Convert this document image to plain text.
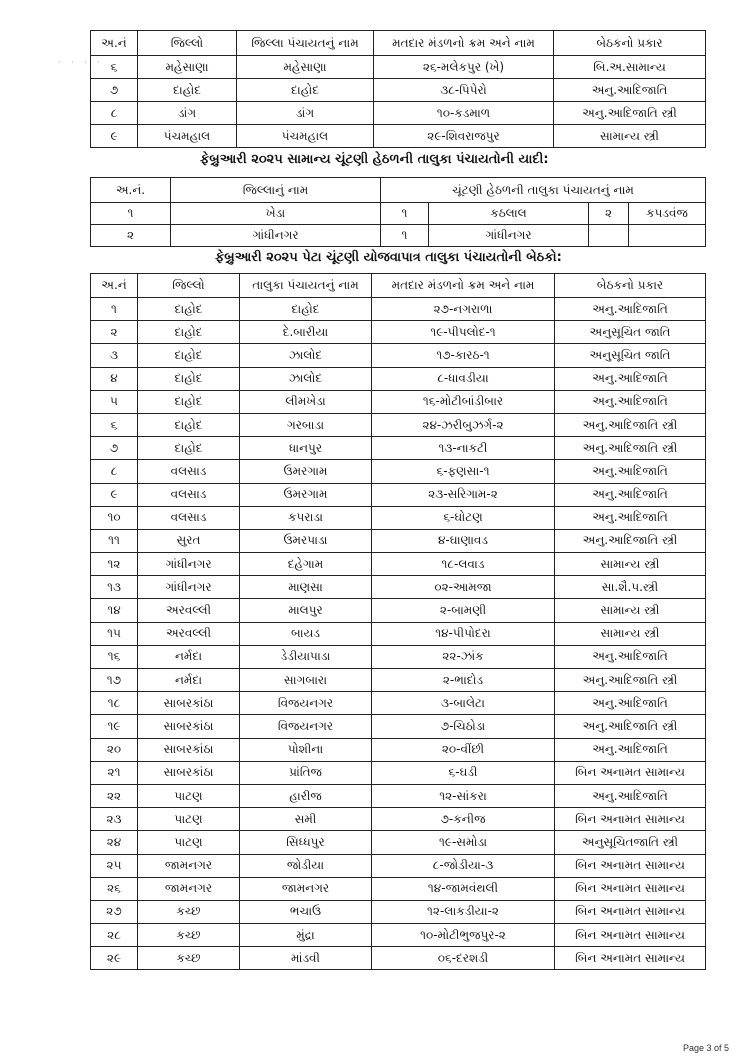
· · · ·
અ.નં	જિલ્લો	જિલ્લા પંચાયતનું નામ	મતદાર મંડળનો ક્રમ અને નામ	બેઠકનો પ્રકાર
૬	મહેસાણા	મહેસાણા	૨૬-મલેકપુર (ખે)	બિ.અ.સામાન્ય
૭	દાહોદ	દાહોદ	૩૮-પિપેરો	અનુ.આદિજાતિ
૮	ડાંગ	ડાંગ	૧૦-કડમાળ	અનુ.આદિજાતિ સ્ત્રી
૯	પંચમહાલ	પંચમહાલ	૨૯-શિવરાજપુર	સામાન્ય સ્ત્રી
ફેબ્રુઆરી ૨૦૨૫ સામાન્ય ચૂંટણી હેઠળની તાલુકા પંચાયતોની યાદી:
અ.નં.	જિલ્લાનું નામ	ચૂંટણી હેઠળની તાલુકા પંચાયતનું નામ			
૧	ખેડા	૧	કઠલાલ	૨	કપડવંજ
૨	ગાંધીનગર	૧	ગાંધીનગર		
ફેબ્રુઆરી ૨૦૨૫ પેટા ચૂંટણી યોજવાપાત્ર તાલુકા પંચાયતોની બેઠકો:
અ.નં	જિલ્લો	તાલુકા પંચાયતનું નામ	મતદાર મંડળનો ક્રમ અને નામ	બેઠકનો પ્રકાર
૧	દાહોદ	દાહોદ	૨૭-નગરાળા	અનુ.આદિજાતિ
૨	દાહોદ	દે.બારીયા	૧૯-પીપલોદ-૧	અનુસૂચિત જાતિ
૩	દાહોદ	ઝાલોદ	૧૭-કારઠ-૧	અનુસૂચિત જાતિ
૪	દાહોદ	ઝાલોદ	૮-ધાવડીયા	અનુ.આદિજાતિ
૫	દાહોદ	લીમખેડા	૧૬-મોટીબાંડીબાર	અનુ.આદિજાતિ
૬	દાહોદ	ગરબાડા	૨૪-ઝરીબુઝર્ગ-૨	અનુ.આદિજાતિ સ્ત્રી
૭	દાહોદ	ધાનપુર	૧૩-નાકટી	અનુ.આદિજાતિ સ્ત્રી
૮	વલસાડ	ઉમરગામ	૬-ફણસા-૧	અનુ.આદિજાતિ
૯	વલસાડ	ઉમરગામ	૨૩-સરિગામ-૨	અનુ.આદિજાતિ
૧૦	વલસાડ	કપરાડા	૬-ઘોટણ	અનુ.આદિજાતિ
૧૧	સુરત	ઉમરપાડા	૪-ઘાણાવડ	અનુ.આદિજાતિ સ્ત્રી
૧૨	ગાંધીનગર	દહેગામ	૧૮-લવાડ	સામાન્ય સ્ત્રી
૧૩	ગાંધીનગર	માણસા	૦૨-આમજા	સા.શૈ.પ.સ્ત્રી
૧૪	અરવલ્લી	માલપુર	૨-બામણી	સામાન્ય સ્ત્રી
૧૫	અરવલ્લી	બાયડ	૧૪-પીપોદરા	સામાન્ય સ્ત્રી
૧૬	નર્મદા	ડેડીયાપાડા	૨૨-ઝાંક	અનુ.આદિજાતિ
૧૭	નર્મદા	સાગબારા	૨-ભાદોડ	અનુ.આદિજાતિ સ્ત્રી
૧૮	સાબરકાંઠા	વિજયનગર	૩-બાલેટા	અનુ.આદિજાતિ
૧૯	સાબરકાંઠા	વિજયનગર	૭-ચિઠોડા	અનુ.આદિજાતિ સ્ત્રી
૨૦	સાબરકાંઠા	પોશીના	૨૦-વીંછી	અનુ.આદિજાતિ
૨૧	સાબરકાંઠા	પ્રાંતિજ	૬-ઘડી	બિન અનામત સામાન્ય
૨૨	પાટણ	હારીજ	૧૨-સાંકરા	અનુ.આદિજાતિ
૨૩	પાટણ	સમી	૭-કનીજ	બિન અનામત સામાન્ય
૨૪	પાટણ	સિધ્ધપુર	૧૯-સમોડા	અનુસૂચિતજાતિ સ્ત્રી
૨૫	જામનગર	જોડીયા	૮-જોડીયા-૩	બિન અનામત સામાન્ય
૨૬	જામનગર	જામનગર	૧૪-જામવંથલી	બિન અનામત સામાન્ય
૨૭	કચ્છ	ભચાઉ	૧૨-લાકડીયા-૨	બિન અનામત સામાન્ય
૨૮	કચ્છ	મુંદ્રા	૧૦-મોટીભુજપુર-૨	બિન અનામત સામાન્ય
૨૯	કચ્છ	માંડવી	૦૬-દરશડી	બિન અનામત સામાન્ય
Page 3 of 5
